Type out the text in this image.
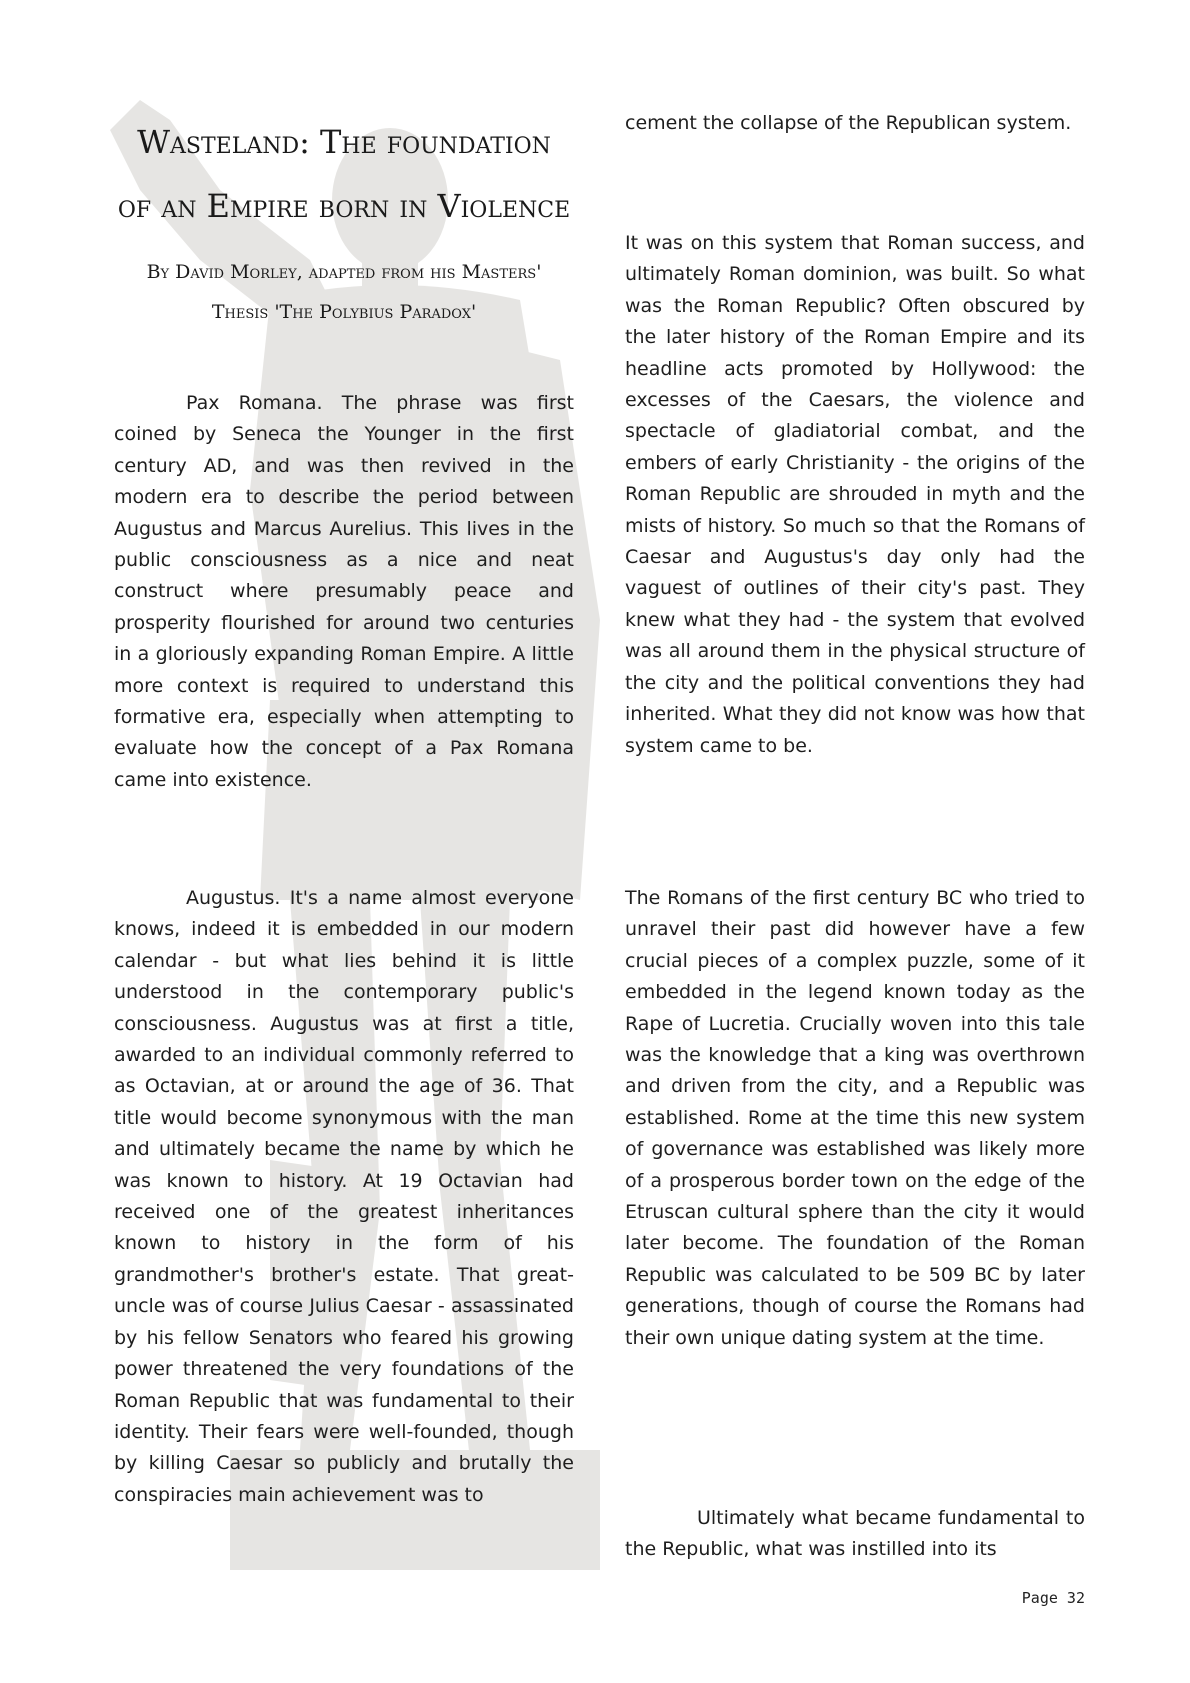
Wasteland: The foundation
of an Empire born in Violence
By David Morley, adapted from his Masters'
Thesis 'The Polybius Paradox'

Pax Romana. The phrase was first coined by Seneca the Younger in the first century AD, and was then revived in the modern era to describe the period between Augustus and Marcus Aurelius. This lives in the public consciousness as a nice and neat construct where presumably peace and prosperity flourished for around two centuries in a gloriously expanding Roman Empire. A little more context is required to understand this formative era, especially when attempting to evaluate how the concept of a Pax Romana came into existence.

Augustus. It's a name almost everyone knows, indeed it is embedded in our modern calendar - but what lies behind it is little understood in the contemporary public's consciousness. Augustus was at first a title, awarded to an individual commonly referred to as Octavian, at or around the age of 36. That title would become synonymous with the man and ultimately became the name by which he was known to history. At 19 Octavian had received one of the greatest inheritances known to history in the form of his grandmother's brother's estate. That great-uncle was of course Julius Caesar - assassinated by his fellow Senators who feared his growing power threatened the very foundations of the Roman Republic that was fundamental to their identity. Their fears were well-founded, though by killing Caesar so publicly and brutally the conspiracies main achievement was to

cement the collapse of the Republican system.

It was on this system that Roman success, and ultimately Roman dominion, was built. So what was the Roman Republic? Often obscured by the later history of the Roman Empire and its headline acts promoted by Hollywood: the excesses of the Caesars, the violence and spectacle of gladiatorial combat, and the embers of early Christianity - the origins of the Roman Republic are shrouded in myth and the mists of history. So much so that the Romans of Caesar and Augustus's day only had the vaguest of outlines of their city's past. They knew what they had - the system that evolved was all around them in the physical structure of the city and the political conventions they had inherited. What they did not know was how that system came to be.

The Romans of the first century BC who tried to unravel their past did however have a few crucial pieces of a complex puzzle, some of it embedded in the legend known today as the Rape of Lucretia. Crucially woven into this tale was the knowledge that a king was overthrown and driven from the city, and a Republic was established. Rome at the time this new system of governance was established was likely more of a prosperous border town on the edge of the Etruscan cultural sphere than the city it would later become. The foundation of the Roman Republic was calculated to be 509 BC by later generations, though of course the Romans had their own unique dating system at the time.

Ultimately what became fundamental to the Republic, what was instilled into its

Page 32
